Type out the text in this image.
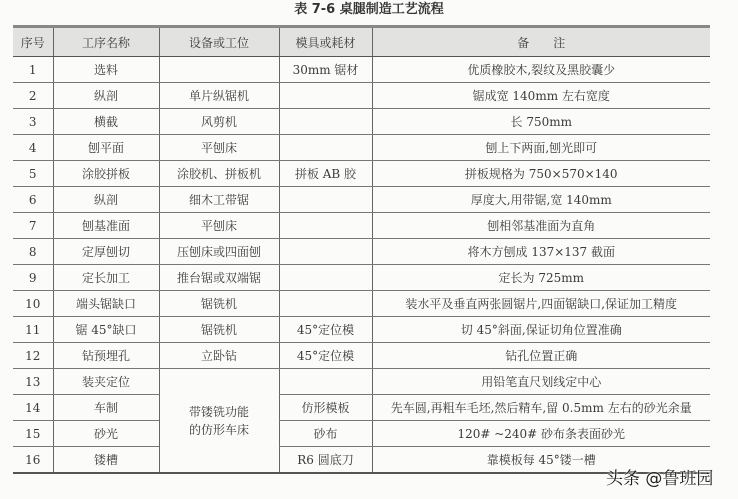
表 7-6 桌腿制造工艺流程
序号	工序名称	设备或工位	模具或耗材	备　　注
1	选料		30mm 锯材	优质橡胶木,裂纹及黑胶囊少
2	纵剖	单片纵锯机		锯成宽 140mm 左右宽度
3	横截	风剪机		长 750mm
4	刨平面	平刨床		刨上下两面,刨光即可
5	涂胶拼板	涂胶机、拼板机	拼板 AB 胶	拼板规格为 750×570×140
6	纵剖	细木工带锯		厚度大,用带锯,宽 140mm
7	刨基准面	平刨床		刨相邻基准面为直角
8	定厚刨切	压刨床或四面刨		将木方刨成 137×137 截面
9	定长加工	推台锯或双端锯		定长为 725mm
10	端头锯缺口	锯铣机		装水平及垂直两张圆锯片,四面锯缺口,保证加工精度
11	锯 45°缺口	锯铣机	45°定位模	切 45°斜面,保证切角位置准确
12	钻预埋孔	立卧钻	45°定位模	钻孔位置正确
13	装夹定位	带镂铣功能的仿形车床		用铅笔直尺划线定中心
14	车制		仿形模板	先车圆,再粗车毛坯,然后精车,留 0.5mm 左右的砂光余量
15	砂光		砂布	120# ~240# 砂布条表面砂光
16	镂槽		R6 圆底刀	靠模板每 45°镂一槽
头条 @鲁班园
